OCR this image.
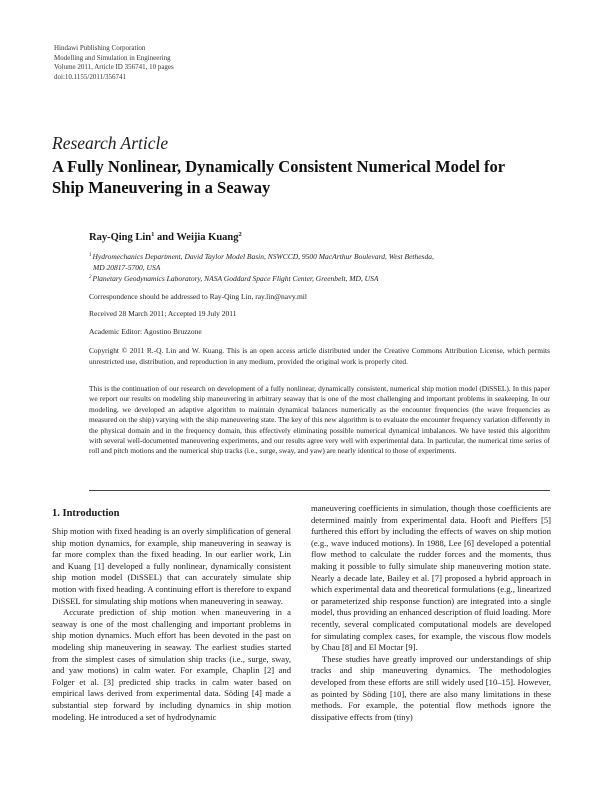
Hindawi Publishing Corporation
Modelling and Simulation in Engineering
Volume 2011, Article ID 356741, 10 pages
doi:10.1155/2011/356741
Research Article
A Fully Nonlinear, Dynamically Consistent Numerical Model for
Ship Maneuvering in a Seaway
Ray-Qing Lin$^1$ and Weijia Kuang$^2$
$^1$Hydromechanics Department, David Taylor Model Basin, NSWCCD, 9500 MacArthur Boulevard, West Bethesda,
MD 20817-5700, USA
$^2$Planetary Geodynamics Laboratory, NASA Goddard Space Flight Center, Greenbelt, MD, USA
Correspondence should be addressed to Ray-Qing Lin, ray.lin@navy.mil
Received 28 March 2011; Accepted 19 July 2011
Academic Editor: Agostino Bruzzone
Copyright © 2011 R.-Q. Lin and W. Kuang. This is an open access article distributed under the Creative Commons Attribution License, which permits unrestricted use, distribution, and reproduction in any medium, provided the original work is properly cited.
This is the continuation of our research on development of a fully nonlinear, dynamically consistent, numerical ship motion model (DiSSEL). In this paper we report our results on modeling ship maneuvering in arbitrary seaway that is one of the most challenging and important problems in seakeeping. In our modeling, we developed an adaptive algorithm to maintain dynamical balances numerically as the encounter frequencies (the wave frequencies as measured on the ship) varying with the ship maneuvering state. The key of this new algorithm is to evaluate the encounter frequency variation differently in the physical domain and in the frequency domain, thus effectively eliminating possible numerical dynamical imbalances. We have tested this algorithm with several well-documented maneuvering experiments, and our results agree very well with experimental data. In particular, the numerical time series of roll and pitch motions and the numerical ship tracks (i.e., surge, sway, and yaw) are nearly identical to those of experiments.
1. Introduction

Ship motion with fixed heading is an overly simplification of general ship motion dynamics, for example, ship maneuvering in seaway is far more complex than the fixed heading. In our earlier work, Lin and Kuang [1] developed a fully nonlinear, dynamically consistent ship motion model (DiSSEL) that can accurately simulate ship motion with fixed heading. A continuing effort is therefore to expand DiSSEL for simulating ship motions when maneuvering in seaway.

Accurate prediction of ship motion when maneuvering in a seaway is one of the most challenging and important problems in ship motion dynamics. Much effort has been devoted in the past on modeling ship maneuvering in seaway. The earliest studies started from the simplest cases of simulation ship tracks (i.e., surge, sway, and yaw motions) in calm water. For example, Chaplin [2] and Folger et al. [3] predicted ship tracks in calm water based on empirical laws derived from experimental data. Söding [4] made a substantial step forward by including dynamics in ship motion modeling. He introduced a set of hydrodynamic

maneuvering coefficients in simulation, though those coefficients are determined mainly from experimental data. Hooft and Pieffers [5] furthered this effort by including the effects of waves on ship motion (e.g., wave induced motions). In 1988, Lee [6] developed a potential flow method to calculate the rudder forces and the moments, thus making it possible to fully simulate ship maneuvering motion state. Nearly a decade late, Bailey et al. [7] proposed a hybrid approach in which experimental data and theoretical formulations (e.g., linearized or parameterized ship response function) are integrated into a single model, thus providing an enhanced description of fluid loading. More recently, several complicated computational models are developed for simulating complex cases, for example, the viscous flow models by Chau [8] and El Moctar [9].

These studies have greatly improved our understandings of ship tracks and ship maneuvering dynamics. The methodologies developed from these efforts are still widely used [10–15]. However, as pointed by Söding [10], there are also many limitations in these methods. For example, the potential flow methods ignore the dissipative effects from (tiny)
